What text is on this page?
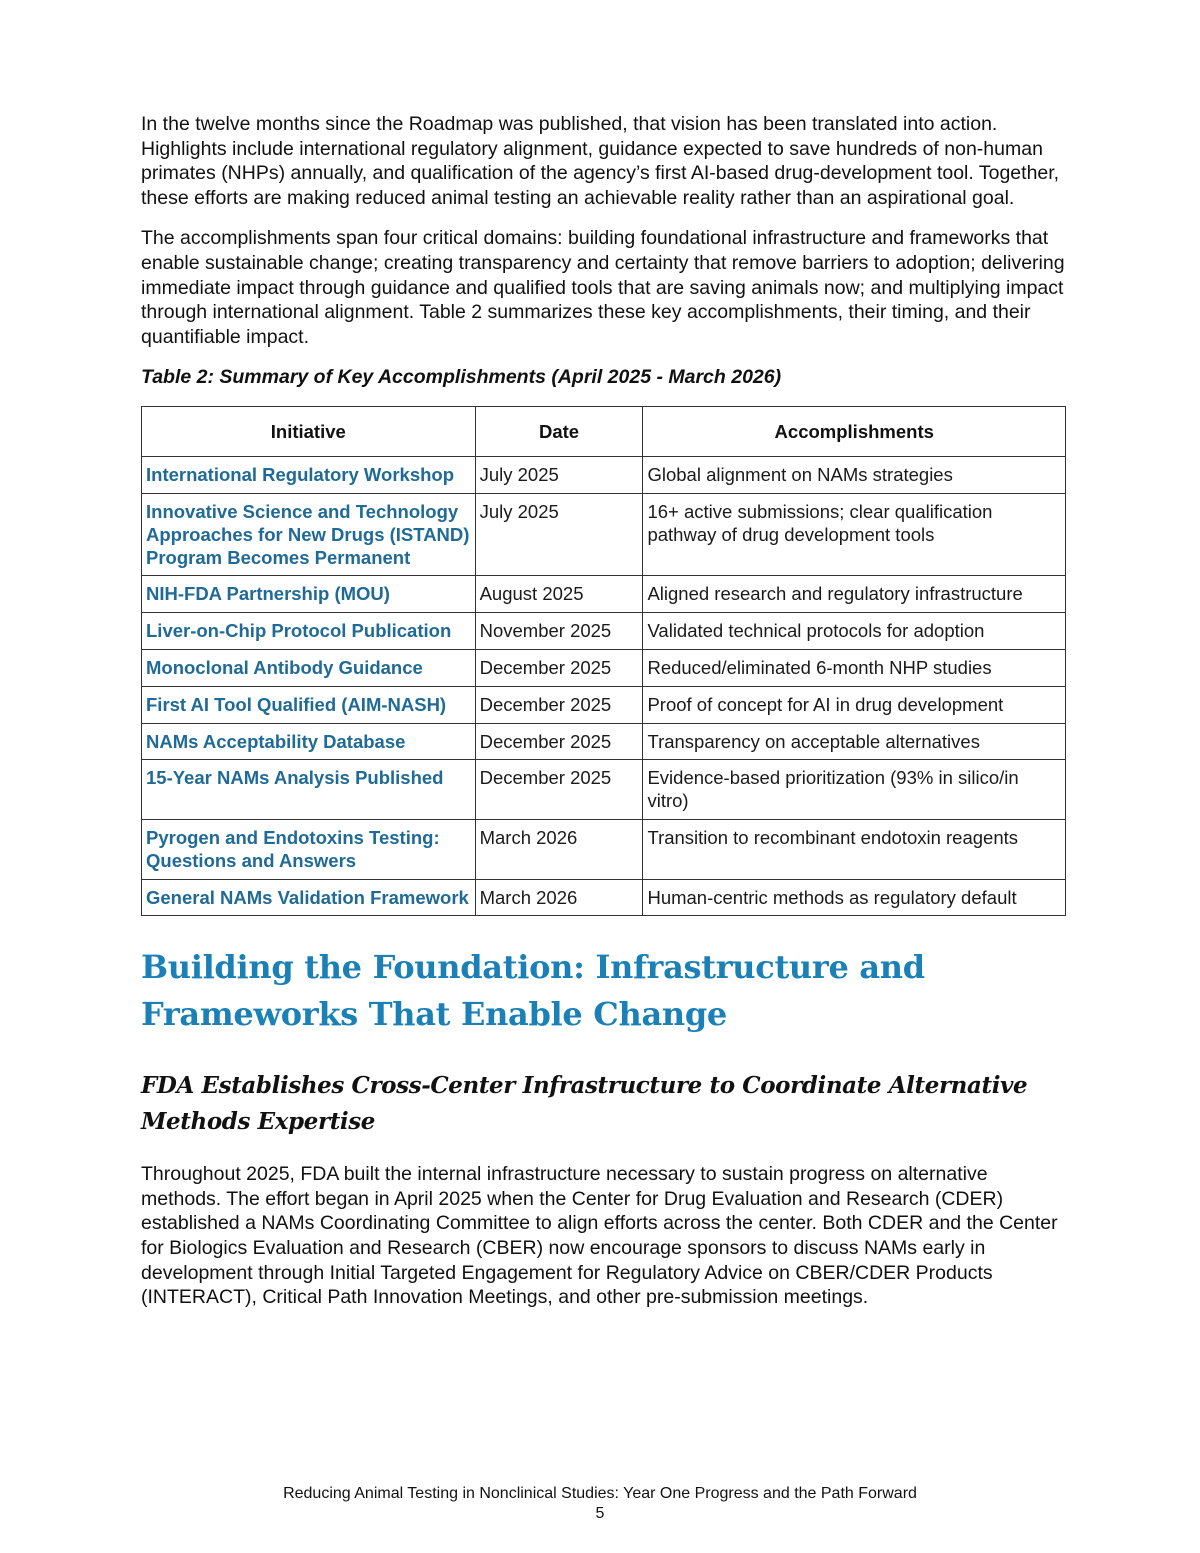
In the twelve months since the Roadmap was published, that vision has been translated into action. Highlights include international regulatory alignment, guidance expected to save hundreds of non-human primates (NHPs) annually, and qualification of the agency’s first AI-based drug-development tool. Together, these efforts are making reduced animal testing an achievable reality rather than an aspirational goal.

The accomplishments span four critical domains: building foundational infrastructure and frameworks that enable sustainable change; creating transparency and certainty that remove barriers to adoption; delivering immediate impact through guidance and qualified tools that are saving animals now; and multiplying impact through international alignment. Table 2 summarizes these key accomplishments, their timing, and their quantifiable impact.

Table 2: Summary of Key Accomplishments (April 2025 - March 2026)
Initiative	Date	Accomplishments
International Regulatory Workshop	July 2025	Global alignment on NAMs strategies
Innovative Science and Technology Approaches for New Drugs (ISTAND) Program Becomes Permanent	July 2025	16+ active submissions; clear qualification pathway of drug development tools
NIH-FDA Partnership (MOU)	August 2025	Aligned research and regulatory infrastructure
Liver-on-Chip Protocol Publication	November 2025	Validated technical protocols for adoption
Monoclonal Antibody Guidance	December 2025	Reduced/eliminated 6-month NHP studies
First AI Tool Qualified (AIM-NASH)	December 2025	Proof of concept for AI in drug development
NAMs Acceptability Database	December 2025	Transparency on acceptable alternatives
15-Year NAMs Analysis Published	December 2025	Evidence-based prioritization (93% in silico/in vitro)
Pyrogen and Endotoxins Testing: Questions and Answers	March 2026	Transition to recombinant endotoxin reagents
General NAMs Validation Framework	March 2026	Human-centric methods as regulatory default
Building the Foundation: Infrastructure and Frameworks That Enable Change
FDA Establishes Cross-Center Infrastructure to Coordinate Alternative Methods Expertise

Throughout 2025, FDA built the internal infrastructure necessary to sustain progress on alternative methods. The effort began in April 2025 when the Center for Drug Evaluation and Research (CDER) established a NAMs Coordinating Committee to align efforts across the center. Both CDER and the Center for Biologics Evaluation and Research (CBER) now encourage sponsors to discuss NAMs early in development through Initial Targeted Engagement for Regulatory Advice on CBER/CDER Products (INTERACT), Critical Path Innovation Meetings, and other pre-submission meetings.

Reducing Animal Testing in Nonclinical Studies: Year One Progress and the Path Forward
5
